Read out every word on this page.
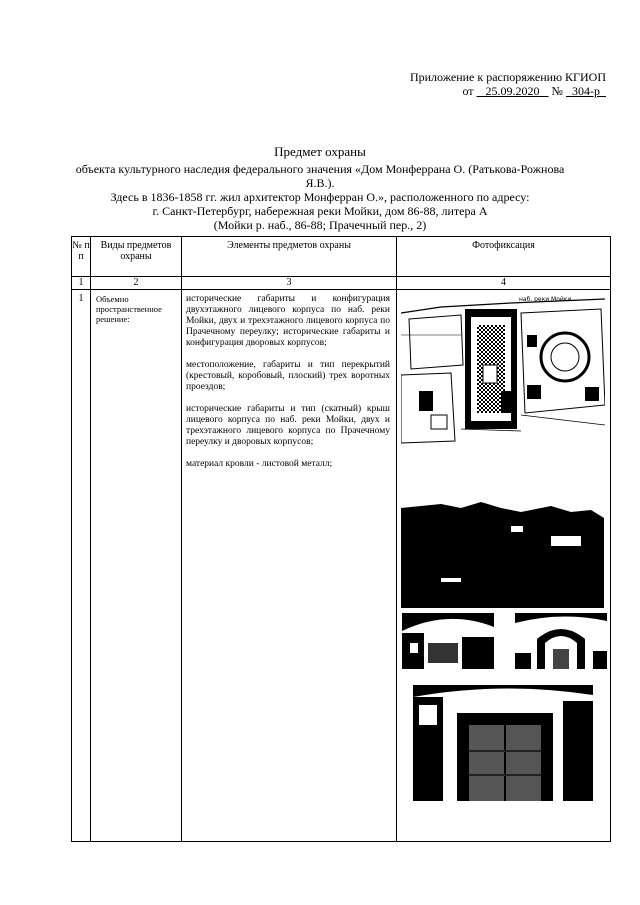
Приложение к распоряжению КГИОП
от 25.09.2020 № 304-р
Предмет охраны
объекта культурного наследия федерального значения «Дом Монферрана О. (Ратькова-Рожнова Я.В.).
Здесь в 1836-1858 гг. жил архитектор Монферран О.», расположенного по адресу:
г. Санкт-Петербург, набережная реки Мойки, дом 86-88, литера А
(Мойки р. наб., 86-88; Прачечный пер., 2)
№ п п	Виды предметов охраны	Элементы предметов охраны	Фотофиксация
1	2	3	4
1	Объемно пространственное решение:	исторические габариты и конфигурация двухэтажного лицевого корпуса по наб. реки Мойки, двух и трехэтажного лицевого корпуса по Прачечному переулку; исторические габариты и конфигурация дворовых корпусов;

местоположение, габариты и тип перекрытий (крестовый, коробовый, плоский) трех воротных проездов;

исторические габариты и тип (скатный) крыш лицевого корпуса по наб. реки Мойки, двух и трехэтажного лицевого корпуса по Прачечному переулку и дворовых корпусов;

материал кровли - листовой металл;	наб. реки Мойки
